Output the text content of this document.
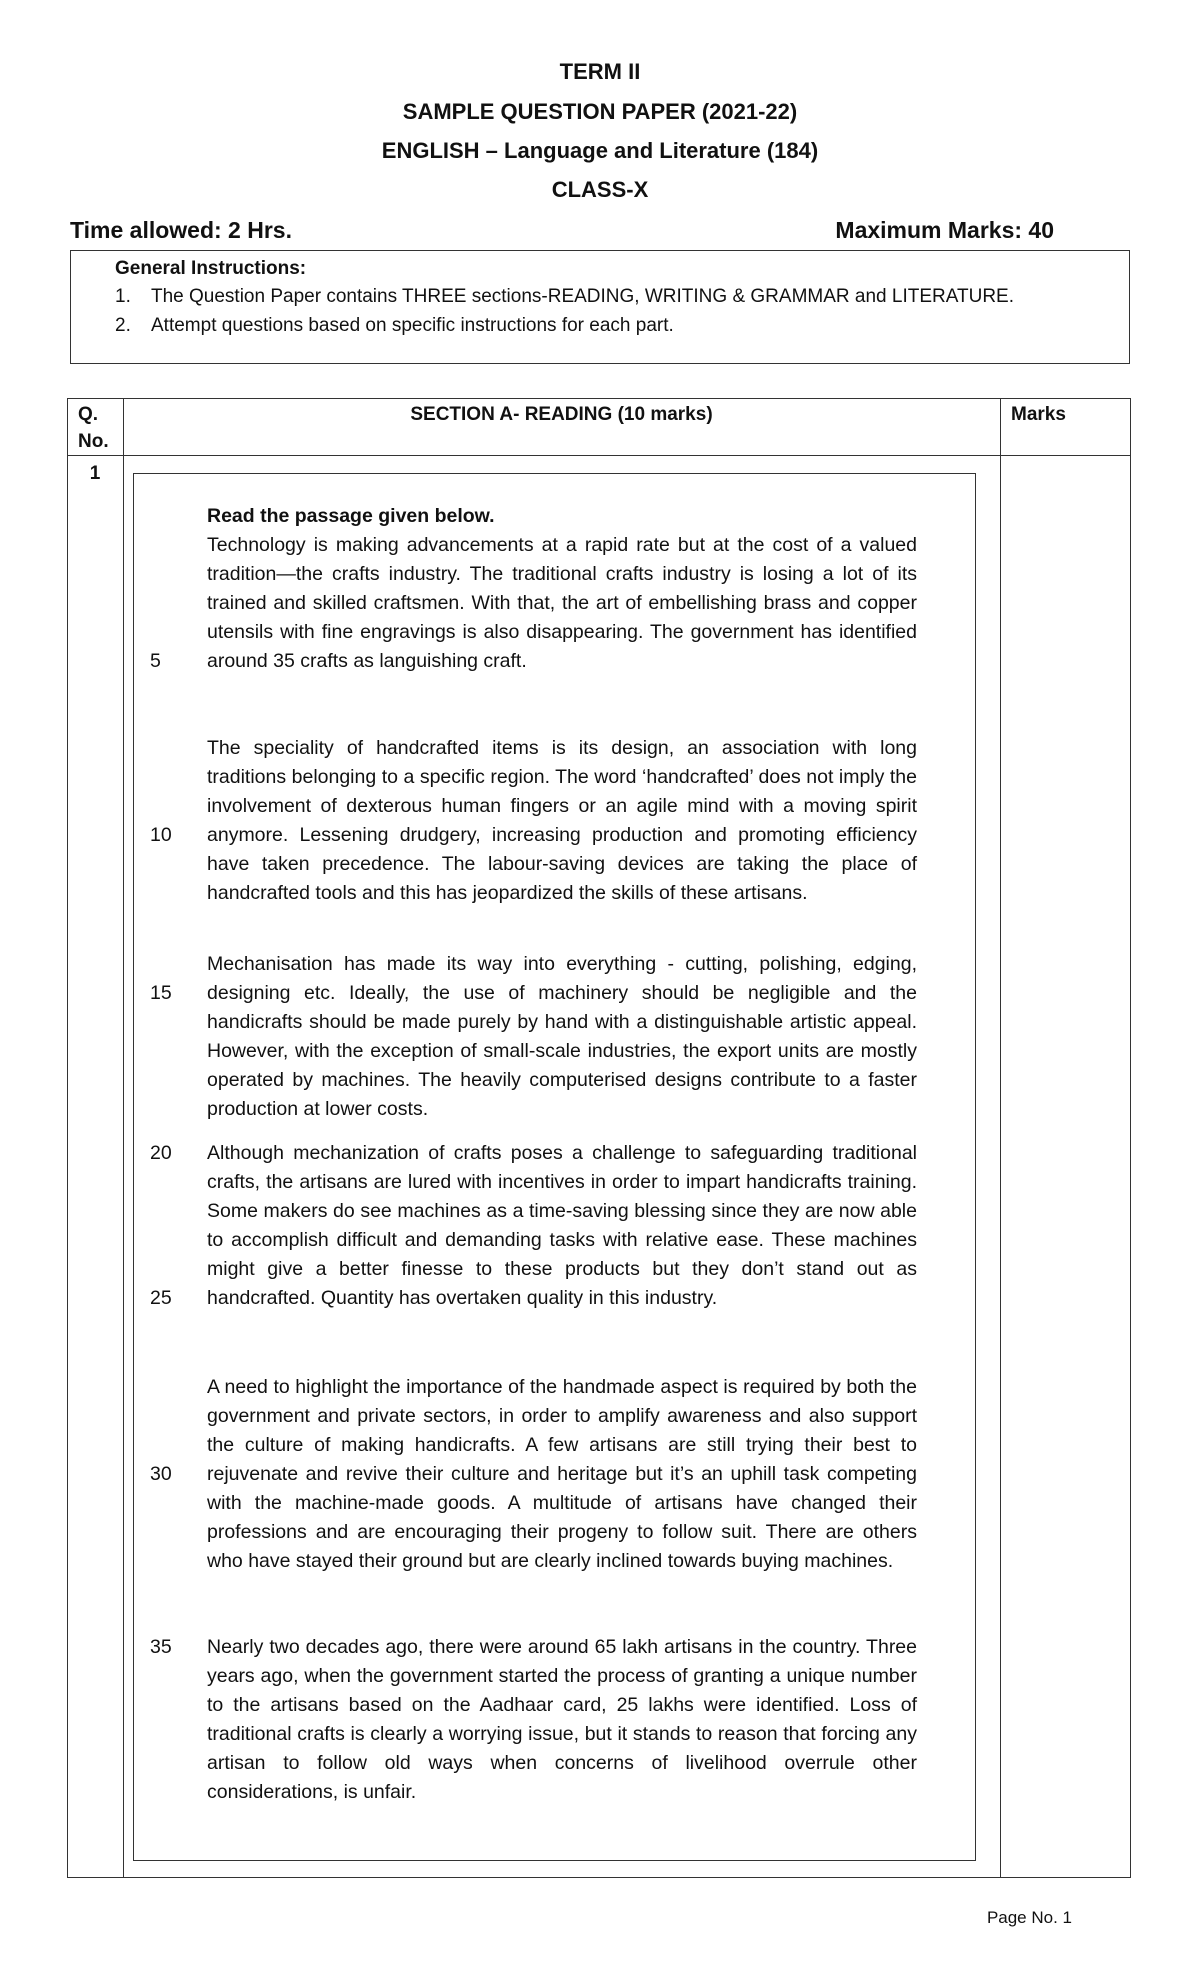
TERM II
SAMPLE QUESTION PAPER (2021-22)
ENGLISH – Language and Literature (184)
CLASS-X
Time allowed: 2 Hrs.	Maximum Marks: 40
General Instructions:
1. The Question Paper contains THREE sections-READING, WRITING & GRAMMAR and LITERATURE.
2. Attempt questions based on specific instructions for each part.
Q. No.
SECTION A- READING (10 marks)	Marks
1
Read the passage given below.

Technology is making advancements at a rapid rate but at the cost of a valued tradition—the crafts industry. The traditional crafts industry is losing a lot of its trained and skilled craftsmen. With that, the art of embellishing brass and copper utensils with fine engravings is also disappearing. The government has identified around 35 crafts as languishing craft.

The speciality of handcrafted items is its design, an association with long traditions belonging to a specific region. The word ‘handcrafted’ does not imply the involvement of dexterous human fingers or an agile mind with a moving spirit anymore. Lessening drudgery, increasing production and promoting efficiency have taken precedence. The labour-saving devices are taking the place of handcrafted tools and this has jeopardized the skills of these artisans.

Mechanisation has made its way into everything - cutting, polishing, edging, designing etc. Ideally, the use of machinery should be negligible and the handicrafts should be made purely by hand with a distinguishable artistic appeal. However, with the exception of small-scale industries, the export units are mostly operated by machines. The heavily computerised designs contribute to a faster production at lower costs.

Although mechanization of crafts poses a challenge to safeguarding traditional crafts, the artisans are lured with incentives in order to impart handicrafts training. Some makers do see machines as a time-saving blessing since they are now able to accomplish difficult and demanding tasks with relative ease. These machines might give a better finesse to these products but they don’t stand out as handcrafted. Quantity has overtaken quality in this industry.

A need to highlight the importance of the handmade aspect is required by both the government and private sectors, in order to amplify awareness and also support the culture of making handicrafts. A few artisans are still trying their best to rejuvenate and revive their culture and heritage but it’s an uphill task competing with the machine-made goods. A multitude of artisans have changed their professions and are encouraging their progeny to follow suit. There are others who have stayed their ground but are clearly inclined towards buying machines.

Nearly two decades ago, there were around 65 lakh artisans in the country. Three years ago, when the government started the process of granting a unique number to the artisans based on the Aadhaar card, 25 lakhs were identified. Loss of traditional crafts is clearly a worrying issue, but it stands to reason that forcing any artisan to follow old ways when concerns of livelihood overrule other considerations, is unfair.

5
10
15
20
25
30
35
Page No. 1
